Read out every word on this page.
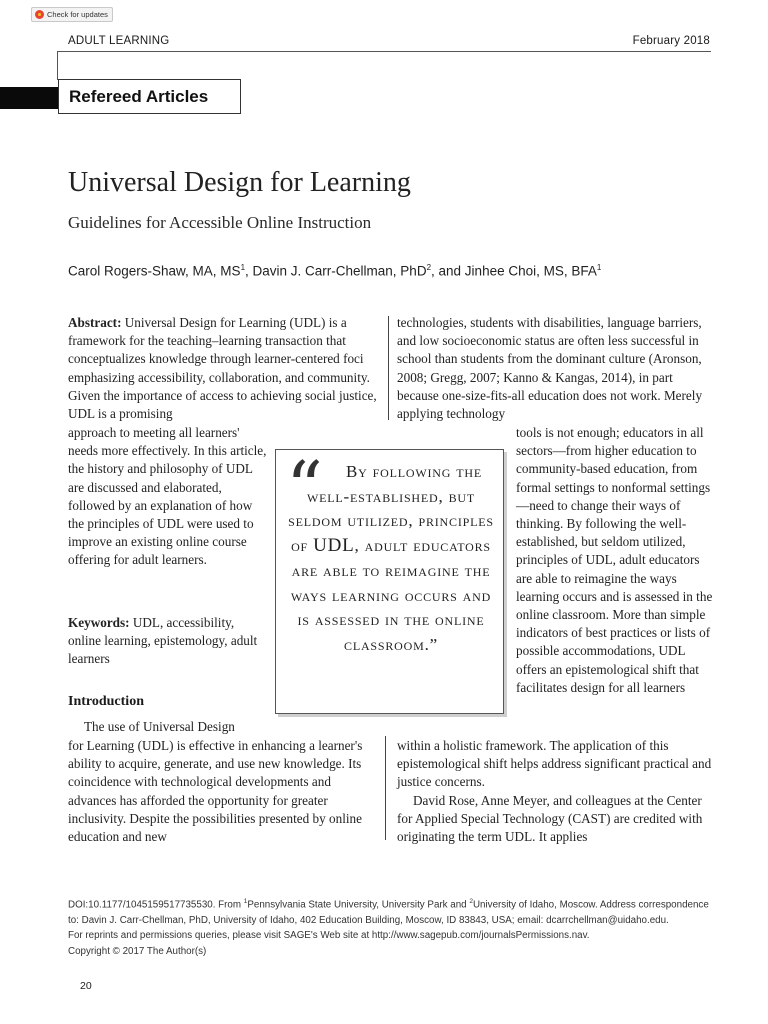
Check for updates
ADULT LEARNING	February 2018
Refereed Articles
Universal Design for Learning
Guidelines for Accessible Online Instruction
Carol Rogers-Shaw, MA, $MS^1$, Davin J. Carr-Chellman, PhD$^2$, and Jinhee Choi, MS, BFA$^1$

Abstract: Universal Design for Learning (UDL) is a framework for the teaching–learning transaction that conceptualizes knowledge through learner-centered foci emphasizing accessibility, collaboration, and community. Given the importance of access to achieving social justice, UDL is a promising

approach to meeting all learners' needs more effectively. In this article, the history and philosophy of UDL are discussed and elaborated, followed by an explanation of how the principles of UDL were used to improve an existing online course offering for adult learners.

Keywords: UDL, accessibility, online learning, epistemology, adult learners

Introduction

The use of Universal Design

for Learning (UDL) is effective in enhancing a learner's ability to acquire, generate, and use new knowledge. Its coincidence with technological developments and advances has afforded the opportunity for greater inclusivity. Despite the possibilities presented by online education and new

technologies, students with disabilities, language barriers, and low socioeconomic status are often less successful in school than students from the dominant culture (Aronson, 2008; Gregg, 2007; Kanno & Kangas, 2014), in part because one-size-fits-all education does not work. Merely applying technology

tools is not enough; educators in all sectors—from higher education to community-based education, from formal settings to nonformal settings—need to change their ways of thinking. By following the well-established, but seldom utilized, principles of UDL, adult educators are able to reimagine the ways learning occurs and is assessed in the online classroom. More than simple indicators of best practices or lists of possible accommodations, UDL offers an epistemological shift that facilitates design for all learners

within a holistic framework. The application of this epistemological shift helps address significant practical and justice concerns.

David Rose, Anne Meyer, and colleagues at the Center for Applied Special Technology (CAST) are credited with originating the term UDL. It applies

“	By following the well-established, but seldom utilized, principles of UDL, adult educators are able to reimagine the ways learning occurs and is assessed in the online classroom.”
DOI:10.1177/1045159517735530. From $^1$Pennsylvania State University, University Park and $^2$University of Idaho, Moscow. Address correspondence to: Davin J. Carr-Chellman, PhD, University of Idaho, 402 Education Building, Moscow, ID 83843, USA; email: dcarrchellman@uidaho.edu.
For reprints and permissions queries, please visit SAGE's Web site at http://www.sagepub.com/journalsPermissions.nav.
Copyright © 2017 The Author(s)
20
